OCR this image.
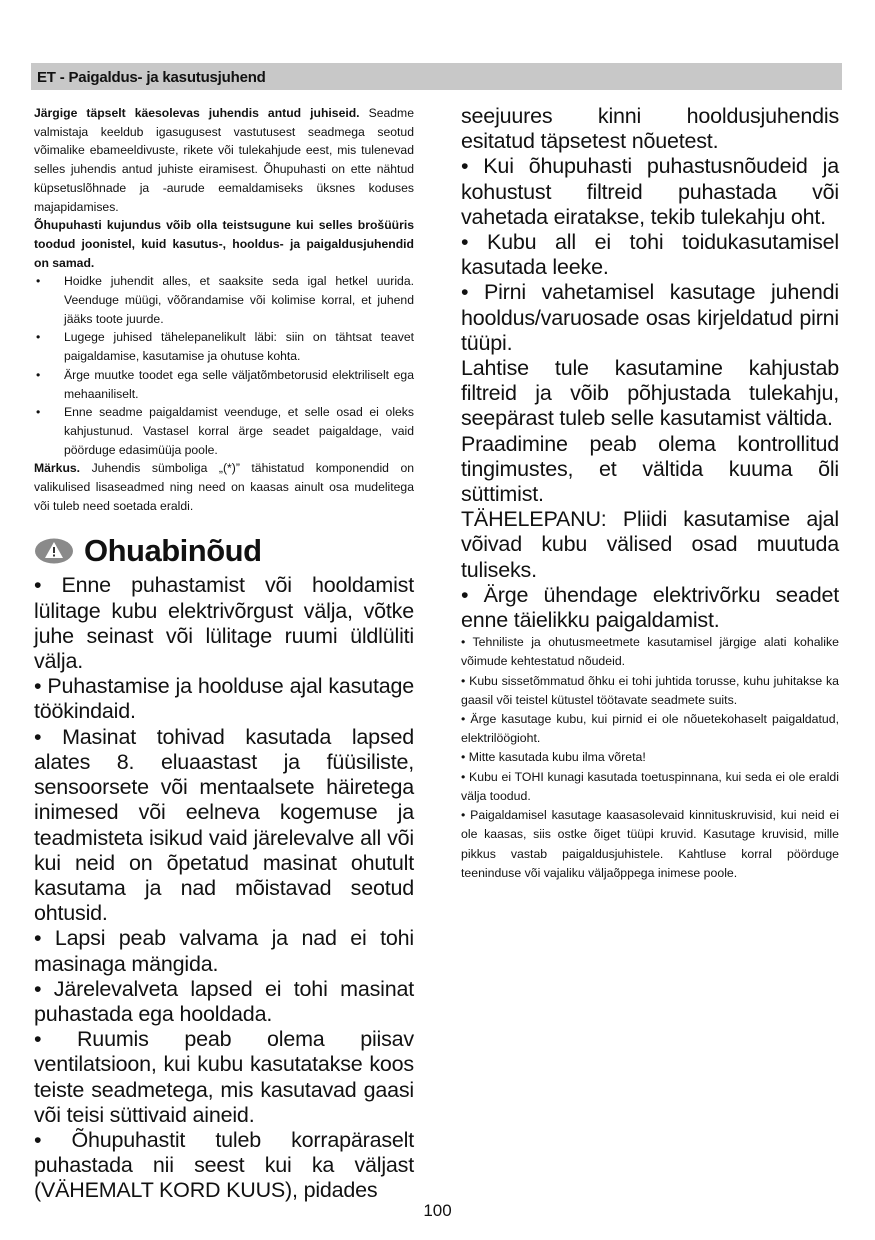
ET - Paigaldus- ja kasutusjuhend

Järgige täpselt käesolevas juhendis antud juhiseid. Seadme valmistaja keeldub igasugusest vastutusest seadmega seotud võimalike ebameeldivuste, rikete või tulekahjude eest, mis tulenevad selles juhendis antud juhiste eiramisest. Õhupuhasti on ette nähtud küpsetuslõhnade ja -aurude eemaldamiseks üksnes koduses majapidamises.

Õhupuhasti kujundus võib olla teistsugune kui selles brošüüris toodud joonistel, kuid kasutus-, hooldus- ja paigaldusjuhendid on samad.

• Hoidke juhendit alles, et saaksite seda igal hetkel uurida. Veenduge müügi, võõrandamise või kolimise korral, et juhend jääks toote juurde.
• Lugege juhised tähelepanelikult läbi: siin on tähtsat teavet paigaldamise, kasutamise ja ohutuse kohta.
• Ärge muutke toodet ega selle väljatõmbetorusid elektriliselt ega mehaaniliselt.
• Enne seadme paigaldamist veenduge, et selle osad ei oleks kahjustunud. Vastasel korral ärge seadet paigaldage, vaid pöörduge edasimüüja poole.

Märkus. Juhendis sümboliga „(*)” tähistatud komponendid on valikulised lisaseadmed ning need on kaasas ainult osa mudelitega või tuleb need soetada eraldi.

Ohuabinõud

• Enne puhastamist või hooldamist lülitage kubu elektrivõrgust välja, võtke juhe seinast või lülitage ruumi üldlüliti välja.

• Puhastamise ja hoolduse ajal kasutage töökindaid.

• Masinat tohivad kasutada lapsed alates 8. eluaastast ja füüsiliste, sensoorsete või mentaalsete häiretega inimesed või eelneva kogemuse ja teadmisteta isikud vaid järelevalve all või kui neid on õpetatud masinat ohutult kasutama ja nad mõistavad seotud ohtusid.

• Lapsi peab valvama ja nad ei tohi masinaga mängida.

• Järelevalveta lapsed ei tohi masinat puhastada ega hooldada.

• Ruumis peab olema piisav ventilatsioon, kui kubu kasutatakse koos teiste seadmetega, mis kasutavad gaasi või teisi süttivaid aineid.

• Õhupuhastit tuleb korrapäraselt puhastada nii seest kui ka väljast (VÄHEMALT KORD KUUS), pidades

seejuures kinni hooldusjuhendis esitatud täpsetest nõuetest.

• Kui õhupuhasti puhastusnõudeid ja kohustust filtreid puhastada või vahetada eiratakse, tekib tulekahju oht.

• Kubu all ei tohi toidukasutamisel kasutada leeke.

• Pirni vahetamisel kasutage juhendi hooldus/varuosade osas kirjeldatud pirni tüüpi.

Lahtise tule kasutamine kahjustab filtreid ja võib põhjustada tulekahju, seepärast tuleb selle kasutamist vältida.

Praadimine peab olema kontrollitud tingimustes, et vältida kuuma õli süttimist.

TÄHELEPANU: Pliidi kasutamise ajal võivad kubu välised osad muutuda tuliseks.

• Ärge ühendage elektrivõrku seadet enne täielikku paigaldamist.

• Tehniliste ja ohutusmeetmete kasutamisel järgige alati kohalike võimude kehtestatud nõudeid.

• Kubu sissetõmmatud õhku ei tohi juhtida torusse, kuhu juhitakse ka gaasil või teistel kütustel töötavate seadmete suits.

• Ärge kasutage kubu, kui pirnid ei ole nõuetekohaselt paigaldatud, elektrilöögioht.

• Mitte kasutada kubu ilma võreta!

• Kubu ei TOHI kunagi kasutada toetuspinnana, kui seda ei ole eraldi välja toodud.

• Paigaldamisel kasutage kaasasolevaid kinnituskruvisid, kui neid ei ole kaasas, siis ostke õiget tüüpi kruvid. Kasutage kruvisid, mille pikkus vastab paigaldusjuhistele. Kahtluse korral pöörduge teeninduse või vajaliku väljaõppega inimese poole.

100
